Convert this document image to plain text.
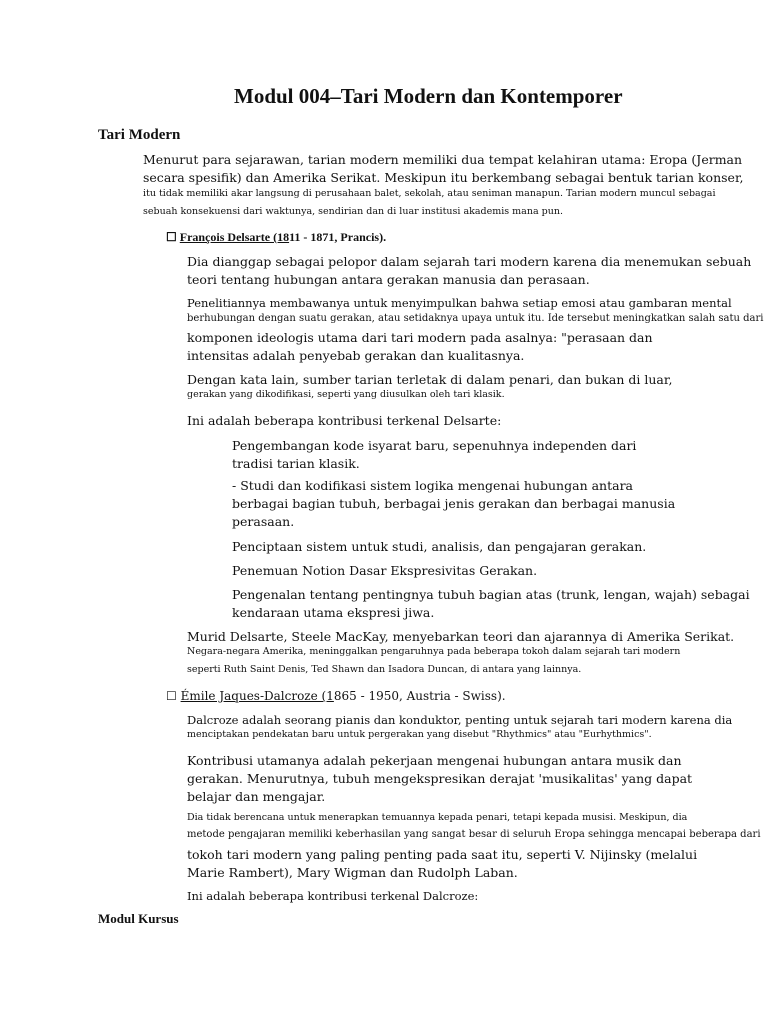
Modul 004–Tari Modern dan Kontemporer
Tari Modern
Menurut para sejarawan, tarian modern memiliki dua tempat kelahiran utama: Eropa (Jerman
secara spesifik) dan Amerika Serikat. Meskipun itu berkembang sebagai bentuk tarian konser,
itu tidak memiliki akar langsung di perusahaan balet, sekolah, atau seniman manapun. Tarian modern muncul sebagai
sebuah konsekuensi dari waktunya, sendirian dan di luar institusi akademis mana pun.
☐ François Delsarte (1811 - 1871, Prancis).
Dia dianggap sebagai pelopor dalam sejarah tari modern karena dia menemukan sebuah
teori tentang hubungan antara gerakan manusia dan perasaan.
Penelitiannya membawanya untuk menyimpulkan bahwa setiap emosi atau gambaran mental
berhubungan dengan suatu gerakan, atau setidaknya upaya untuk itu. Ide tersebut meningkatkan salah satu dari
komponen ideologis utama dari tari modern pada asalnya: "perasaan dan
intensitas adalah penyebab gerakan dan kualitasnya.
Dengan kata lain, sumber tarian terletak di dalam penari, dan bukan di luar,
gerakan yang dikodifikasi, seperti yang diusulkan oleh tari klasik.
Ini adalah beberapa kontribusi terkenal Delsarte:
Pengembangan kode isyarat baru, sepenuhnya independen dari
tradisi tarian klasik.
- Studi dan kodifikasi sistem logika mengenai hubungan antara
berbagai bagian tubuh, berbagai jenis gerakan dan berbagai manusia
perasaan.
Penciptaan sistem untuk studi, analisis, dan pengajaran gerakan.
Penemuan Notion Dasar Ekspresivitas Gerakan.
Pengenalan tentang pentingnya tubuh bagian atas (trunk, lengan, wajah) sebagai
kendaraan utama ekspresi jiwa.
Murid Delsarte, Steele MacKay, menyebarkan teori dan ajarannya di Amerika Serikat.
Negara-negara Amerika, meninggalkan pengaruhnya pada beberapa tokoh dalam sejarah tari modern
seperti Ruth Saint Denis, Ted Shawn dan Isadora Duncan, di antara yang lainnya.
☐ Émile Jaques-Dalcroze (1865 - 1950, Austria - Swiss).
Dalcroze adalah seorang pianis dan konduktor, penting untuk sejarah tari modern karena dia
menciptakan pendekatan baru untuk pergerakan yang disebut "Rhythmics" atau "Eurhythmics".
Kontribusi utamanya adalah pekerjaan mengenai hubungan antara musik dan
gerakan. Menurutnya, tubuh mengekspresikan derajat 'musikalitas' yang dapat
belajar dan mengajar.
Dia tidak berencana untuk menerapkan temuannya kepada penari, tetapi kepada musisi. Meskipun, dia
metode pengajaran memiliki keberhasilan yang sangat besar di seluruh Eropa sehingga mencapai beberapa dari
tokoh tari modern yang paling penting pada saat itu, seperti V. Nijinsky (melalui
Marie Rambert), Mary Wigman dan Rudolph Laban.
Ini adalah beberapa kontribusi terkenal Dalcroze:
Modul Kursus
